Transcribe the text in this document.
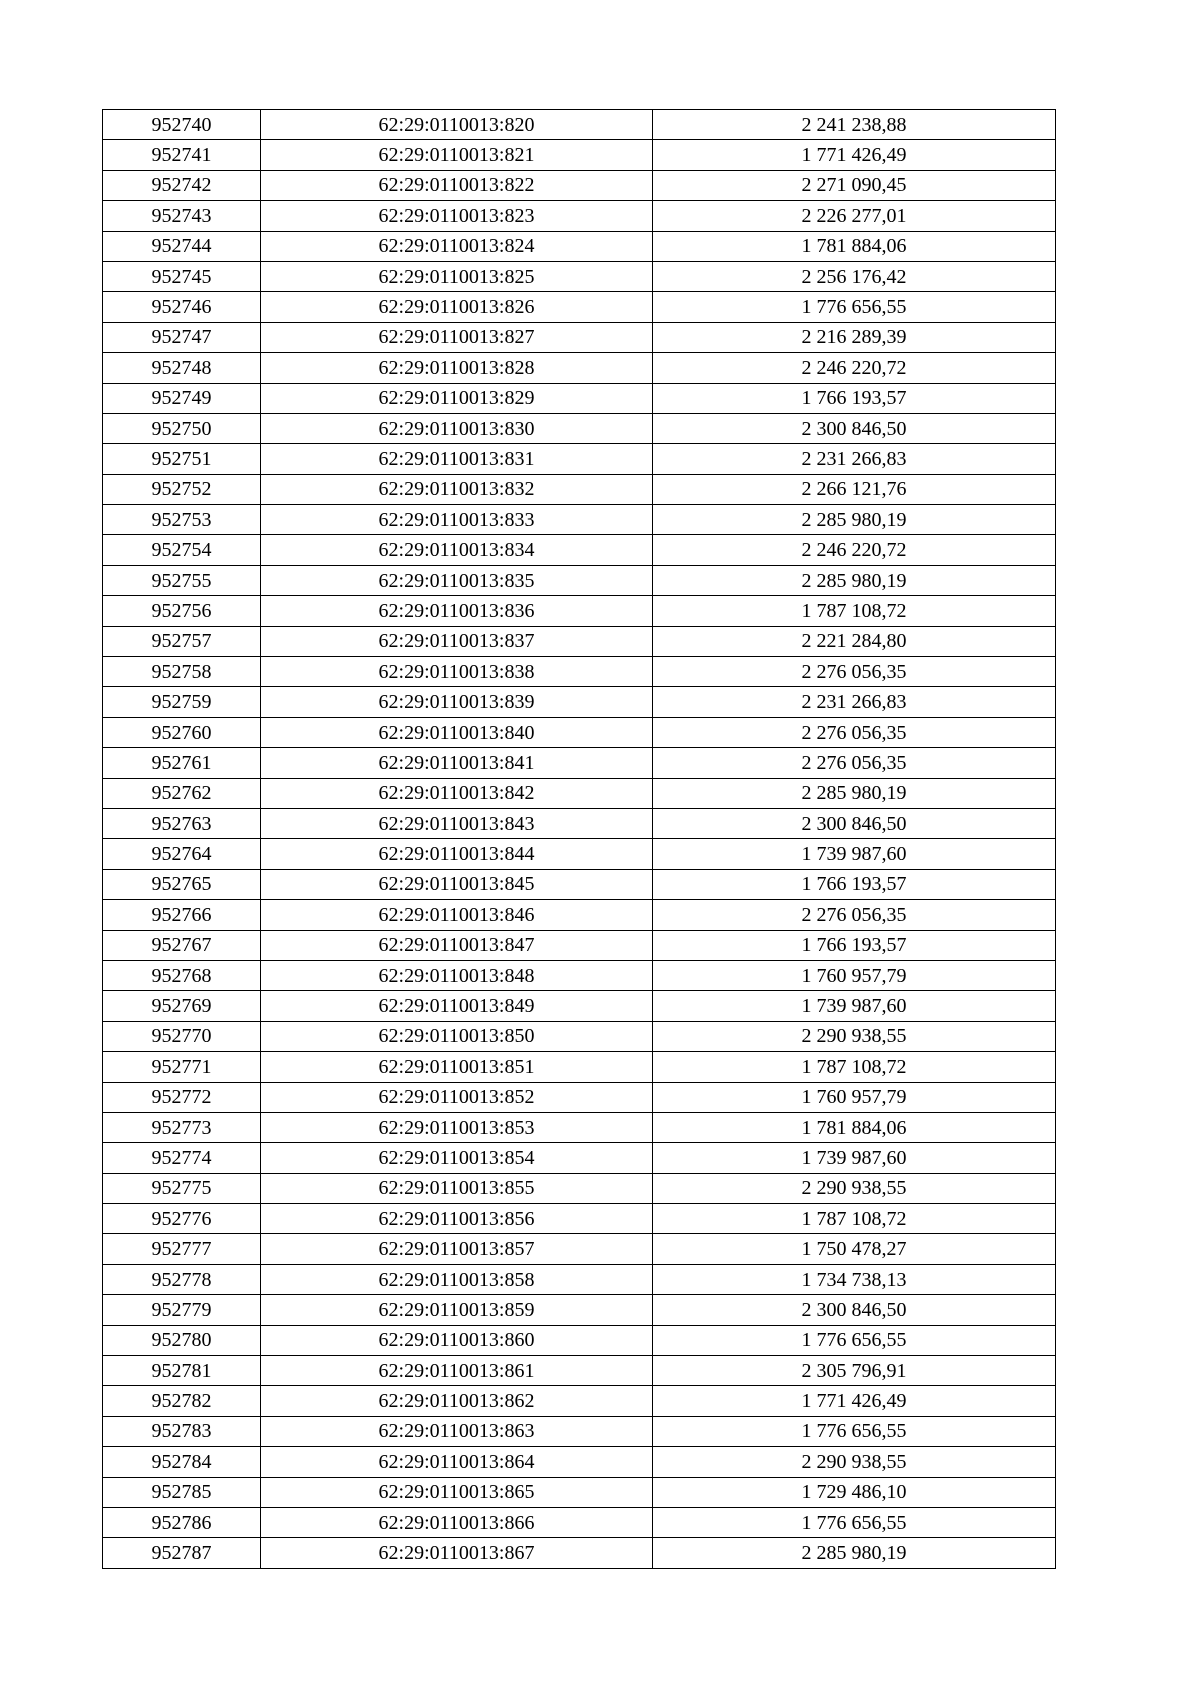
952740	62:29:0110013:820	2 241 238,88
952741	62:29:0110013:821	1 771 426,49
952742	62:29:0110013:822	2 271 090,45
952743	62:29:0110013:823	2 226 277,01
952744	62:29:0110013:824	1 781 884,06
952745	62:29:0110013:825	2 256 176,42
952746	62:29:0110013:826	1 776 656,55
952747	62:29:0110013:827	2 216 289,39
952748	62:29:0110013:828	2 246 220,72
952749	62:29:0110013:829	1 766 193,57
952750	62:29:0110013:830	2 300 846,50
952751	62:29:0110013:831	2 231 266,83
952752	62:29:0110013:832	2 266 121,76
952753	62:29:0110013:833	2 285 980,19
952754	62:29:0110013:834	2 246 220,72
952755	62:29:0110013:835	2 285 980,19
952756	62:29:0110013:836	1 787 108,72
952757	62:29:0110013:837	2 221 284,80
952758	62:29:0110013:838	2 276 056,35
952759	62:29:0110013:839	2 231 266,83
952760	62:29:0110013:840	2 276 056,35
952761	62:29:0110013:841	2 276 056,35
952762	62:29:0110013:842	2 285 980,19
952763	62:29:0110013:843	2 300 846,50
952764	62:29:0110013:844	1 739 987,60
952765	62:29:0110013:845	1 766 193,57
952766	62:29:0110013:846	2 276 056,35
952767	62:29:0110013:847	1 766 193,57
952768	62:29:0110013:848	1 760 957,79
952769	62:29:0110013:849	1 739 987,60
952770	62:29:0110013:850	2 290 938,55
952771	62:29:0110013:851	1 787 108,72
952772	62:29:0110013:852	1 760 957,79
952773	62:29:0110013:853	1 781 884,06
952774	62:29:0110013:854	1 739 987,60
952775	62:29:0110013:855	2 290 938,55
952776	62:29:0110013:856	1 787 108,72
952777	62:29:0110013:857	1 750 478,27
952778	62:29:0110013:858	1 734 738,13
952779	62:29:0110013:859	2 300 846,50
952780	62:29:0110013:860	1 776 656,55
952781	62:29:0110013:861	2 305 796,91
952782	62:29:0110013:862	1 771 426,49
952783	62:29:0110013:863	1 776 656,55
952784	62:29:0110013:864	2 290 938,55
952785	62:29:0110013:865	1 729 486,10
952786	62:29:0110013:866	1 776 656,55
952787	62:29:0110013:867	2 285 980,19
